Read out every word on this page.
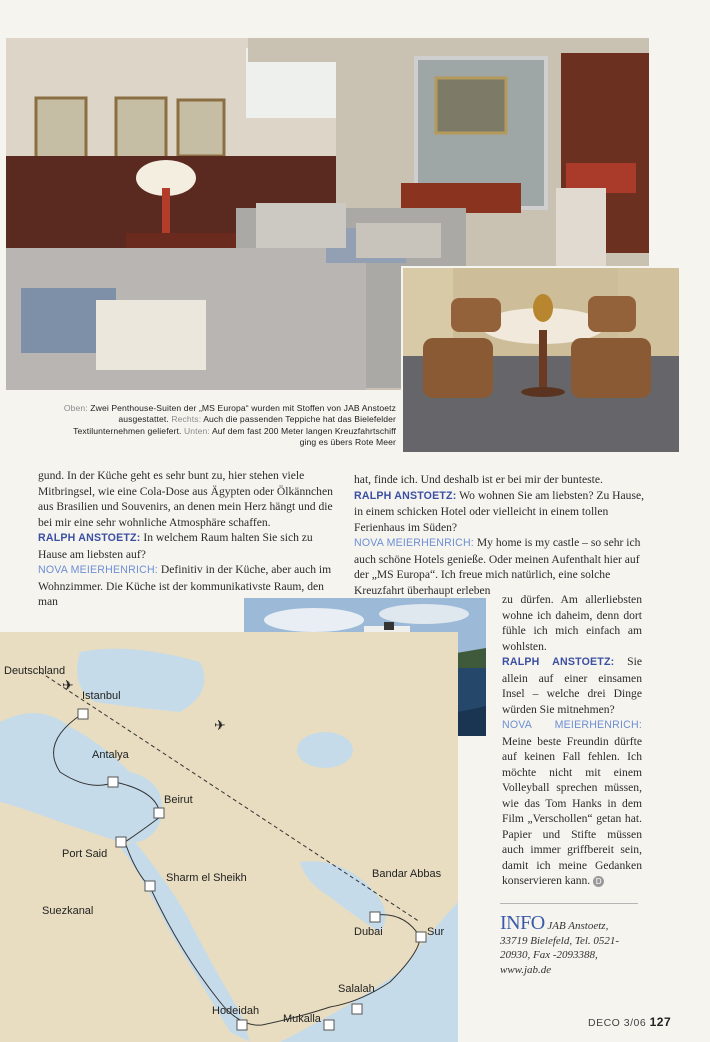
Oben: Zwei Penthouse-Suiten der „MS Europa“ wurden mit Stoffen von JAB Anstoetz ausgestattet. Rechts: Auch die passenden Teppiche hat das Bielefelder Textilunternehmen geliefert. Unten: Auf dem fast 200 Meter langen Kreuzfahrtschiff ging es übers Rote Meer

gund. In der Küche geht es sehr bunt zu, hier stehen viele Mitbringsel, wie eine Cola-Dose aus Ägypten oder Ölkännchen aus Brasilien und Souvenirs, an denen mein Herz hängt und die bei mir eine sehr wohnliche Atmosphäre schaffen.

RALPH ANSTOETZ: In welchem Raum halten Sie sich zu Hause am liebsten auf?

NOVA MEIERHENRICH: Definitiv in der Küche, aber auch im Wohnzimmer. Die Küche ist der kommunikativste Raum, den man

hat, finde ich. Und deshalb ist er bei mir der bunteste.

RALPH ANSTOETZ: Wo wohnen Sie am liebsten? Zu Hause, in einem schicken Hotel oder vielleicht in einem tollen Ferienhaus im Süden?

NOVA MEIERHENRICH: My home is my castle – so sehr ich auch schöne Hotels genieße. Oder meinen Aufenthalt hier auf der „MS Europa“. Ich freue mich natürlich, eine solche Kreuzfahrt überhaupt erleben

zu dürfen. Am allerliebsten wohne ich daheim, denn dort fühle ich mich einfach am wohlsten.

RALPH ANSTOETZ: Sie allein auf einer einsamen Insel – welche drei Dinge würden Sie mitnehmen?

NOVA MEIERHENRICH: Meine beste Freundin dürfte auf keinen Fall fehlen. Ich möchte nicht mit einem Volleyball sprechen müssen, wie das Tom Hanks in dem Film „Verschollen“ getan hat. Papier und Stifte müssen auch immer griffbereit sein, damit ich meine Gedanken konservieren kann. D

✈
✈
Deutschland
Istanbul
Antalya
Beirut
Port Said
Sharm el Sheikh
Suezkanal
Bandar Abbas
Dubai	Sur
Salalah
Hodeidah
Mukalla
INFO JAB Anstoetz,
33719 Bielefeld, Tel. 0521-
20930, Fax -2093388,
www.jab.de
DECO 3/06 127
